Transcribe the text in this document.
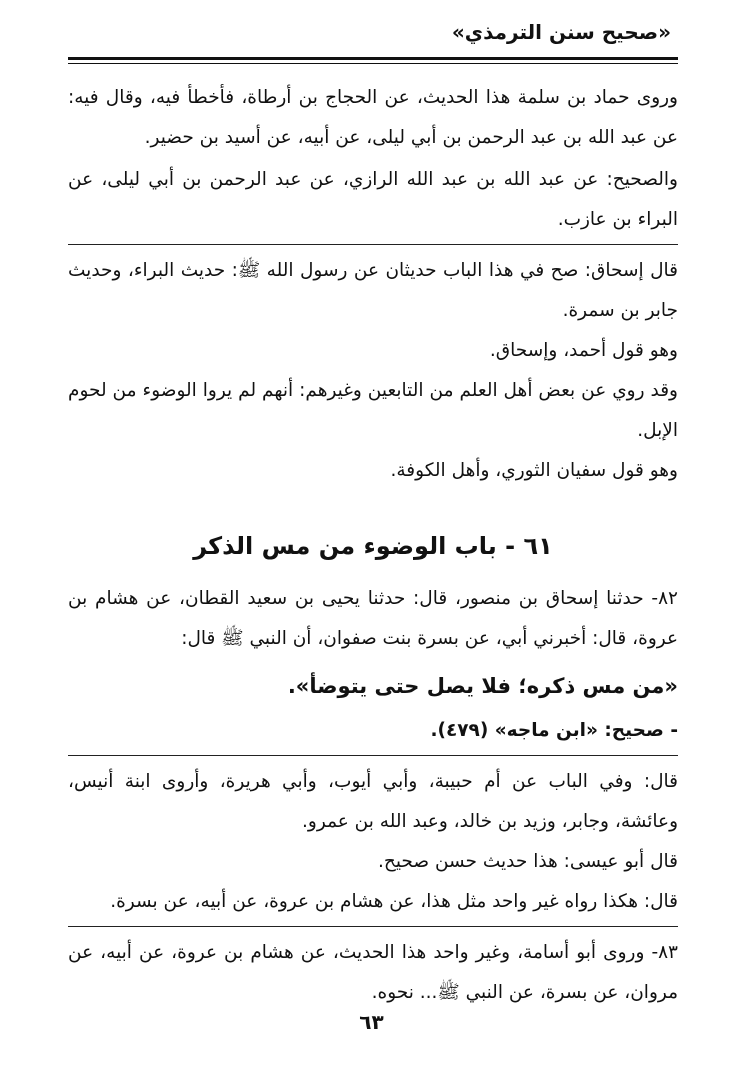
«صحيح سنن الترمذي»

وروى حماد بن سلمة هذا الحديث، عن الحجاج بن أرطاة، فأخطأ فيه، وقال فيه: عن عبد الله بن عبد الرحمن بن أبي ليلى، عن أبيه، عن أسيد بن حضير.

والصحيح: عن عبد الله بن عبد الله الرازي، عن عبد الرحمن بن أبي ليلى، عن البراء بن عازب.

قال إسحاق: صح في هذا الباب حديثان عن رسول الله ﷺ: حديث البراء، وحديث جابر بن سمرة.

وهو قول أحمد، وإسحاق.

وقد روي عن بعض أهل العلم من التابعين وغيرهم: أنهم لم يروا الوضوء من لحوم الإبل.

وهو قول سفيان الثوري، وأهل الكوفة.

٦١ - باب الوضوء من مس الذكر

٨٢- حدثنا إسحاق بن منصور، قال: حدثنا يحيى بن سعيد القطان، عن هشام بن عروة، قال: أخبرني أبي، عن بسرة بنت صفوان، أن النبي ﷺ قال:

«من مس ذكره؛ فلا يصل حتى يتوضأ».

- صحيح: «ابن ماجه» (٤٧٩).

قال: وفي الباب عن أم حبيبة، وأبي أيوب، وأبي هريرة، وأروى ابنة أنيس، وعائشة، وجابر، وزيد بن خالد، وعبد الله بن عمرو.

قال أبو عيسى: هذا حديث حسن صحيح.

قال: هكذا رواه غير واحد مثل هذا، عن هشام بن عروة، عن أبيه، عن بسرة.

٨٣- وروى أبو أسامة، وغير واحد هذا الحديث، عن هشام بن عروة، عن أبيه، عن مروان، عن بسرة، عن النبي ﷺ... نحوه.

٦٣
